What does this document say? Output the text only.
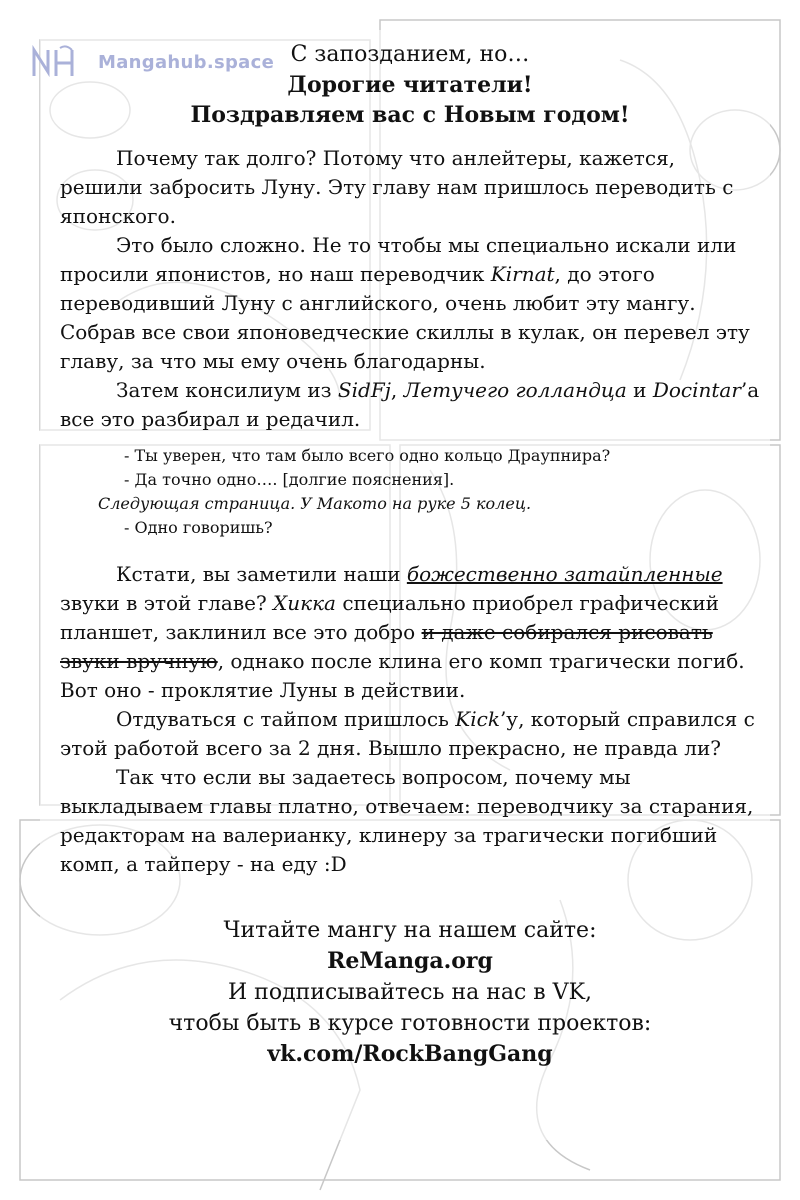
Mangahub.space С запозданием, но…
Дорогие читатели!
Поздравляем вас с Новым годом!

Почему так долго? Потому что анлейтеры, кажется, решили забросить Луну. Эту главу нам пришлось переводить с японского.

Это было сложно. Не то чтобы мы специально искали или просили японистов, но наш переводчик Kirnat, до этого переводивший Луну с английского, очень любит эту мангу. Собрав все свои японоведческие скиллы в кулак, он перевел эту главу, за что мы ему очень благодарны.

Затем консилиум из SidFj, Летучего голландца и Docintar’а все это разбирал и редачил.

- Ты уверен, что там было всего одно кольцо Драупнира?
- Да точно одно…. [долгие пояснения].
Следующая страница. У Макото на руке 5 колец.
- Одно говоришь?

Кстати, вы заметили наши божественно затайпленные звуки в этой главе? Хикка специально приобрел графический планшет, заклинил все это добро и даже собирался рисовать звуки вручную, однако после клина его комп трагически погиб. Вот оно - проклятие Луны в действии.

Отдуваться с тайпом пришлось Kick’у, который справился с этой работой всего за 2 дня. Вышло прекрасно, не правда ли?

Так что если вы задаетесь вопросом, почему мы выкладываем главы платно, отвечаем: переводчику за старания, редакторам на валерианку, клинеру за трагически погибший комп, а тайперу - на еду :D

Читайте мангу на нашем сайте:
ReManga.org
И подписывайтесь на нас в VK,
чтобы быть в курсе готовности проектов:
vk.com/RockBangGang
